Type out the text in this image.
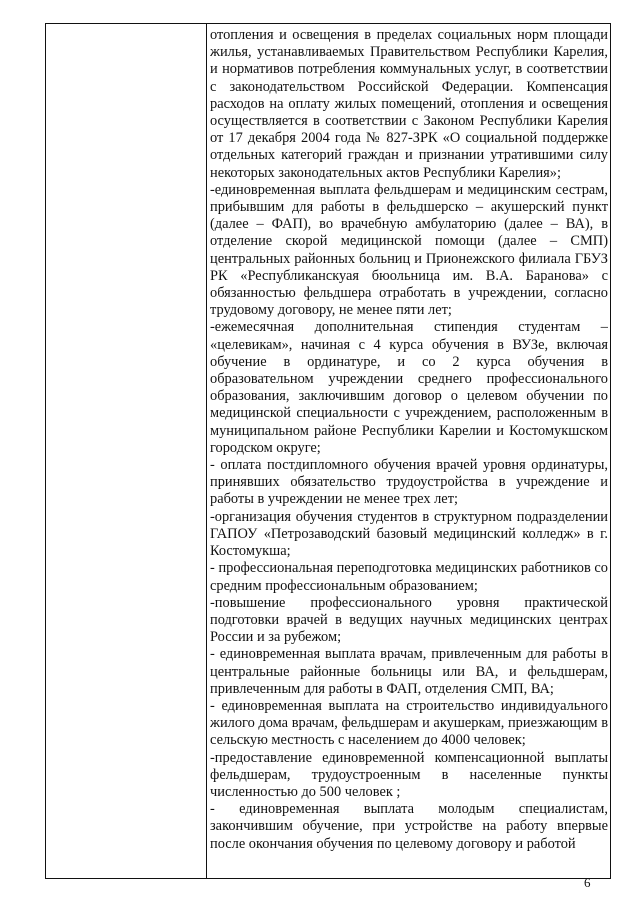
отопления и освещения в пределах социальных норм площади жилья, устанавливаемых Правительством Республики Карелия, и нормативов потребления коммунальных услуг, в соответствии с законодательством Российской Федерации. Компенсация расходов на оплату жилых помещений, отопления и освещения осуществляется в соответствии с Законом Республики Карелия от 17 декабря 2004 года № 827-ЗРК «О социальной поддержке отдельных категорий граждан и признании утратившими силу некоторых законодательных актов Республики Карелия»;

-единовременная выплата фельдшерам и медицинским сестрам, прибывшим для работы в фельдшерско – акушерский пункт (далее – ФАП), во врачебную амбулаторию (далее – ВА), в отделение скорой медицинской помощи (далее – СМП) центральных районных больниц и Прионежского филиала ГБУЗ РК «Республиканскуая бюольница им. В.А. Баранова» с обязанностью фельдшера отработать в учреждении, согласно трудовому договору, не менее пяти лет;

-ежемесячная дополнительная стипендия студентам – «целевикам», начиная с 4 курса обучения в ВУЗе, включая обучение в ординатуре, и со 2 курса обучения в образовательном учреждении среднего профессионального образования, заключившим договор о целевом обучении по медицинской специальности с учреждением, расположенным в муниципальном районе Республики Карелии и Костомукшском городском округе;

- оплата постдипломного обучения врачей уровня ординатуры, принявших обязательство трудоустройства в учреждение и работы в учреждении не менее трех лет;

-организация обучения студентов в структурном подразделении ГАПОУ «Петрозаводский базовый медицинский колледж» в г. Костомукша;

- профессиональная переподготовка медицинских работников со средним профессиональным образованием;

-повышение профессионального уровня практической подготовки врачей в ведущих научных медицинских центрах России и за рубежом;

- единовременная выплата врачам, привлеченным для работы в центральные районные больницы или ВА, и фельдшерам, привлеченным для работы в ФАП, отделения СМП, ВА;

- единовременная выплата на строительство индивидуального жилого дома врачам, фельдшерам и акушеркам, приезжающим в сельскую местность с населением до 4000 человек;

-предоставление единовременной компенсационной выплаты фельдшерам, трудоустроенным в населенные пункты численностью до 500 человек ;

- единовременная выплата молодым специалистам, закончившим обучение, при устройстве на работу впервые после окончания обучения по целевому договору и работой

6
